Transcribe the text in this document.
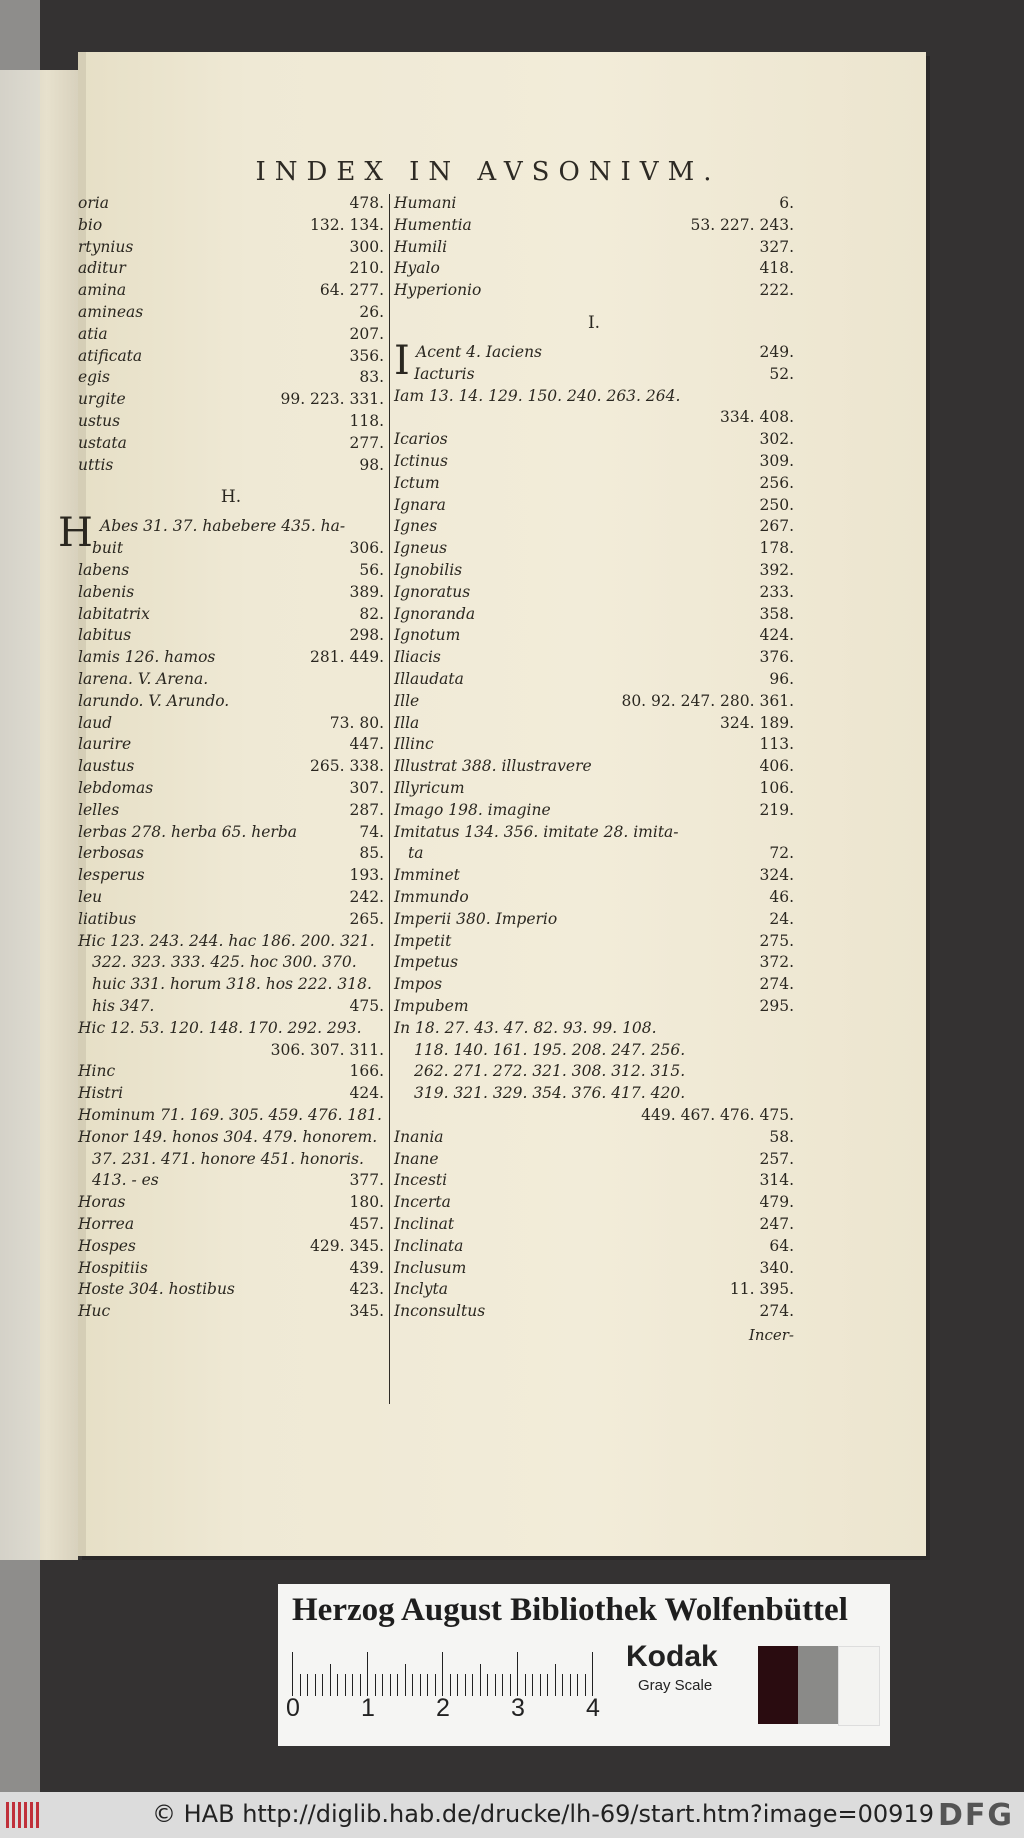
INDEX IN AVSONIVM.
oria	478.
bio	132. 134.
rtynius	300.
aditur	210.
amina	64. 277.
amineas	26.
atia	207.
atificata	356.
egis	83.
urgite	99. 223. 331.
ustus	118.
ustata	277.
uttis	98.
H.
H Abes 31. 37. habebere 435. ha-
buit	306.
labens	56.
labenis	389.
labitatrix	82.
labitus	298.
lamis 126. hamos	281. 449.
larena. V. Arena.
larundo. V. Arundo.
laud	73. 80.
laurire	447.
laustus	265. 338.
lebdomas	307.
lelles	287.
lerbas 278. herba 65. herba	74.
lerbosas	85.
lesperus	193.
leu	242.
liatibus	265.
Hic 123. 243. 244. hac 186. 200. 321.
322. 323. 333. 425. hoc 300. 370.
huic 331. horum 318. hos 222. 318.
his 347.	475.
Hic 12. 53. 120. 148. 170. 292. 293.
306. 307. 311.
Hinc	166.
Histri	424.
Hominum 71. 169. 305. 459. 476. 181.
Honor 149. honos 304. 479. honorem.
37. 231. 471. honore 451. honoris.
413. - es	377.
Horas	180.
Horrea	457.
Hospes	429. 345.
Hospitiis	439.
Hoste 304. hostibus	423.
Huc	345.
Humani	6.
Humentia	53. 227. 243.
Humili	327.
Hyalo	418.
Hyperionio	222.
I.
I Acent 4. Iaciens	249.
Iacturis	52.
Iam 13. 14. 129. 150. 240. 263. 264.
334. 408.
Icarios	302.
Ictinus	309.
Ictum	256.
Ignara	250.
Ignes	267.
Igneus	178.
Ignobilis	392.
Ignoratus	233.
Ignoranda	358.
Ignotum	424.
Iliacis	376.
Illaudata	96.
Ille	80. 92. 247. 280. 361.
Illa	324. 189.
Illinc	113.
Illustrat 388. illustravere	406.
Illyricum	106.
Imago 198. imagine	219.
Imitatus 134. 356. imitate 28. imita-
ta	72.
Imminet	324.
Immundo	46.
Imperii 380. Imperio	24.
Impetit	275.
Impetus	372.
Impos	274.
Impubem	295.
In 18. 27. 43. 47. 82. 93. 99. 108.
118. 140. 161. 195. 208. 247. 256.
262. 271. 272. 321. 308. 312. 315.
319. 321. 329. 354. 376. 417. 420.
449. 467. 476. 475.
Inania	58.
Inane	257.
Incesti	314.
Incerta	479.
Inclinat	247.
Inclinata	64.
Inclusum	340.
Inclyta	11. 395.
Inconsultus	274.
Incer-
Herzog August Bibliothek Wolfenbüttel
0 1 2 3 4
Kodak
Gray Scale
© HAB http://diglib.hab.de/drucke/lh-69/start.htm?image=00919 DFG
